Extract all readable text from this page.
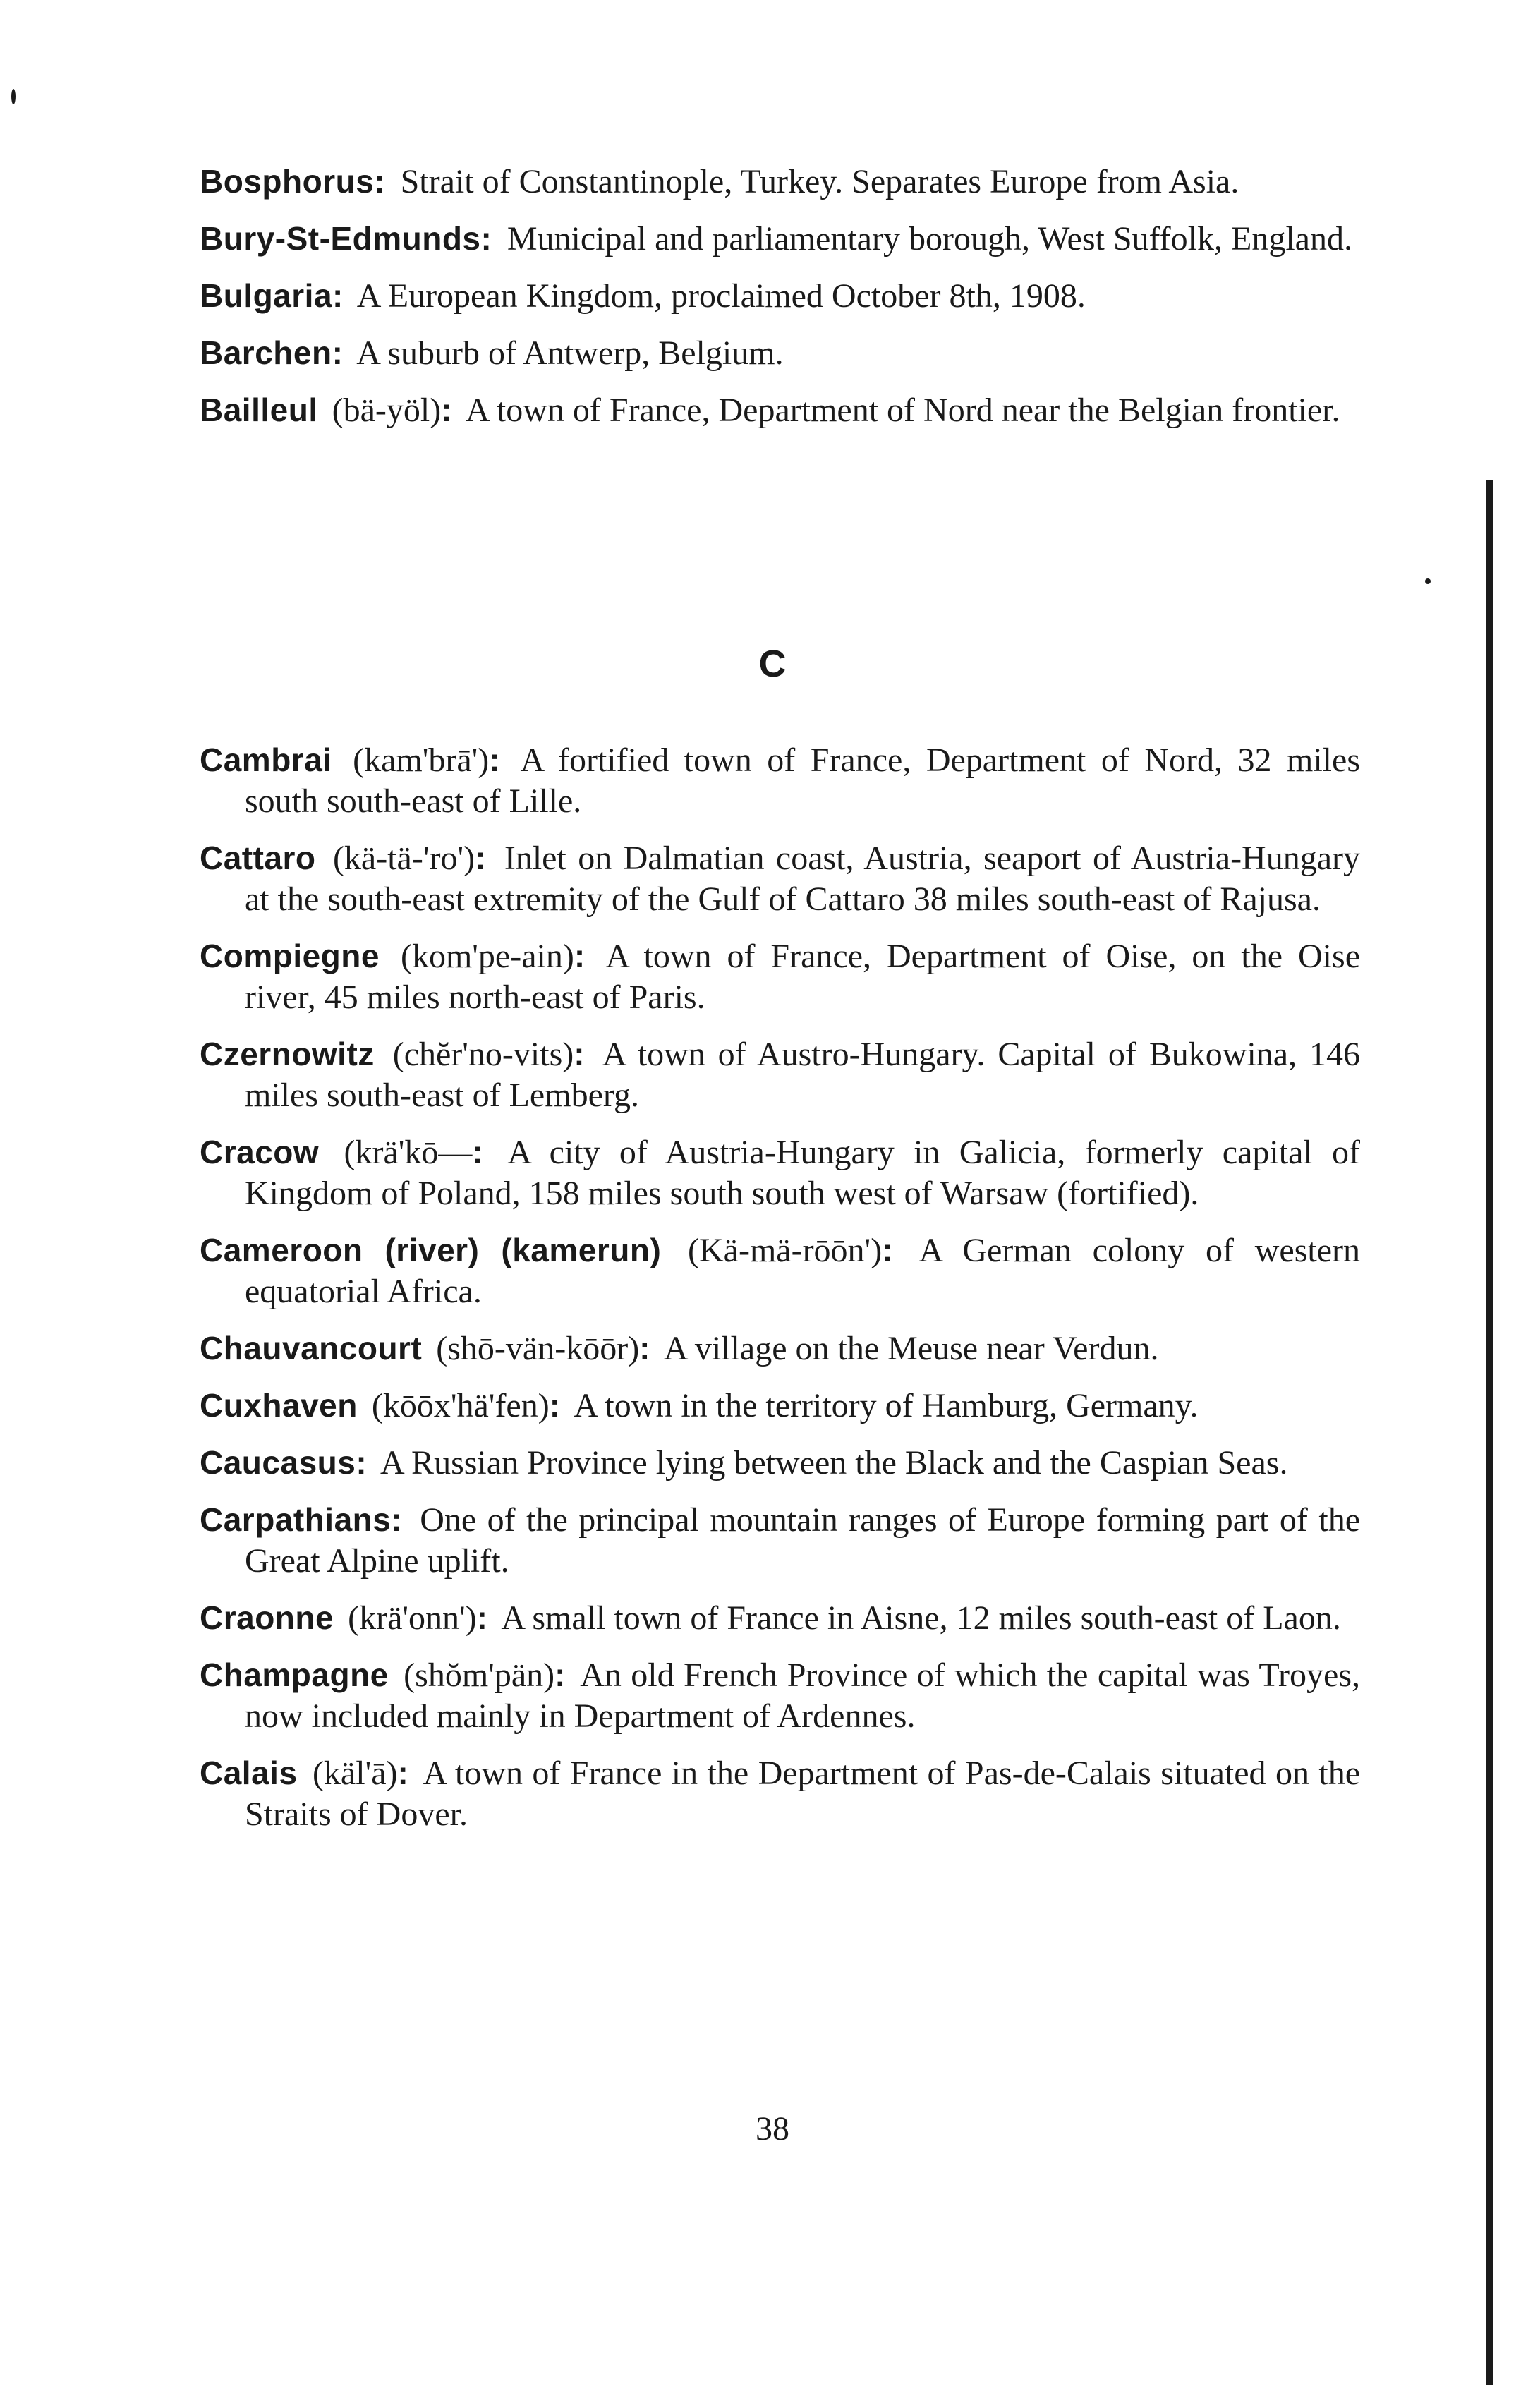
Bosphorus: Strait of Constantinople, Turkey. Separates Europe from Asia.
Bury-St-Edmunds: Municipal and parliamentary borough, West Suffolk, England.
Bulgaria: A European Kingdom, proclaimed October 8th, 1908.
Barchen: A suburb of Antwerp, Belgium.
Bailleul (bä-yöl): A town of France, Department of Nord near the Belgian frontier.
C
Cambrai (kam'brā'): A fortified town of France, Department of Nord, 32 miles south south-east of Lille.
Cattaro (kä-tä-'ro'): Inlet on Dalmatian coast, Austria, seaport of Austria-Hungary at the south-east extremity of the Gulf of Cattaro 38 miles south-east of Rajusa.
Compiegne (kom'pe-ain): A town of France, Department of Oise, on the Oise river, 45 miles north-east of Paris.
Czernowitz (chĕr'no-vits): A town of Austro-Hungary. Capital of Bukowina, 146 miles south-east of Lemberg.
Cracow (krä'kō—: A city of Austria-Hungary in Galicia, formerly capital of Kingdom of Poland, 158 miles south south west of Warsaw (fortified).
Cameroon (river) (kamerun) (Kä-mä-rōōn'): A German colony of western equatorial Africa.
Chauvancourt (shō-vän-kōōr): A village on the Meuse near Verdun.
Cuxhaven (kōōx'hä'fen): A town in the territory of Hamburg, Germany.
Caucasus: A Russian Province lying between the Black and the Caspian Seas.
Carpathians: One of the principal mountain ranges of Europe forming part of the Great Alpine uplift.
Craonne (krä'onn'): A small town of France in Aisne, 12 miles south-east of Laon.
Champagne (shŏm'pän): An old French Province of which the capital was Troyes, now included mainly in Department of Ardennes.
Calais (käl'ā): A town of France in the Department of Pas-de-Calais situated on the Straits of Dover.
38
